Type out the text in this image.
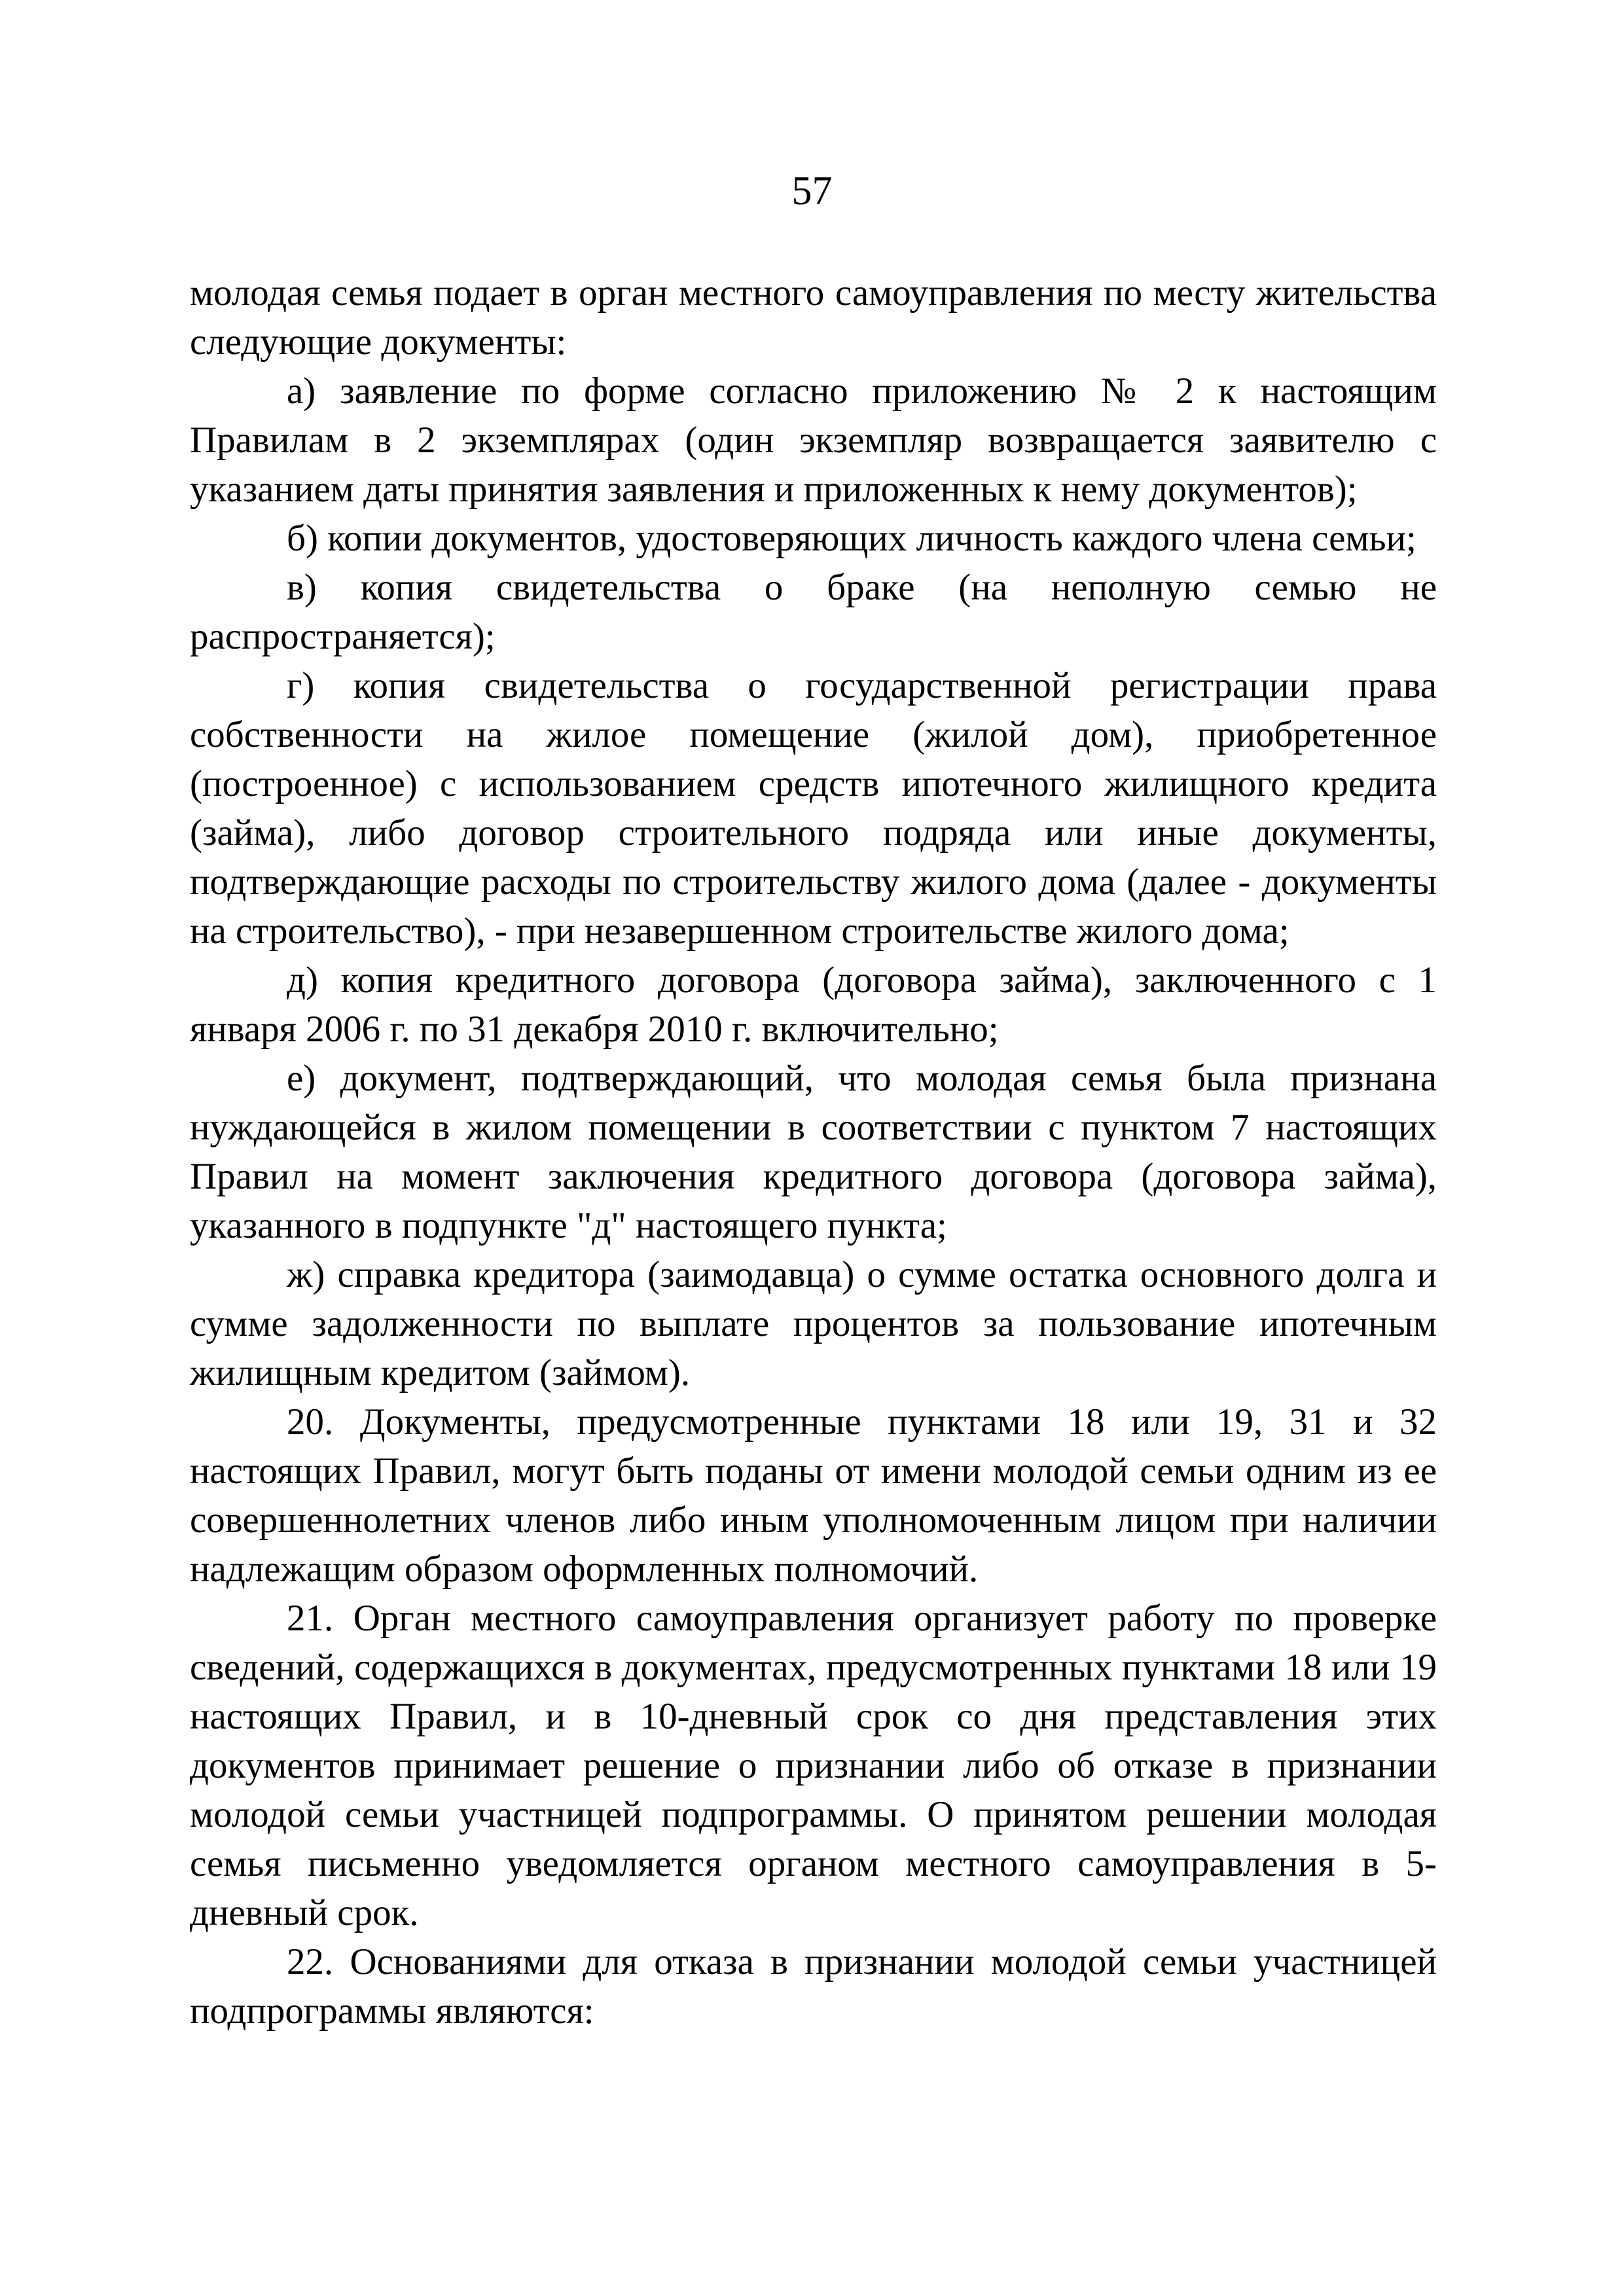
57

молодая семья подает в орган местного самоуправления по месту жительства следующие документы:

а) заявление по форме согласно приложению № 2 к настоящим Правилам в 2 экземплярах (один экземпляр возвращается заявителю с указанием даты принятия заявления и приложенных к нему документов);

б) копии документов, удостоверяющих личность каждого члена семьи;

в) копия свидетельства о браке (на неполную семью не распространяется);

г) копия свидетельства о государственной регистрации права собственности на жилое помещение (жилой дом), приобретенное (построенное) с использованием средств ипотечного жилищного кредита (займа), либо договор строительного подряда или иные документы, подтверждающие расходы по строительству жилого дома (далее - документы на строительство), - при незавершенном строительстве жилого дома;

д) копия кредитного договора (договора займа), заключенного с 1 января 2006 г. по 31 декабря 2010 г. включительно;

е) документ, подтверждающий, что молодая семья была признана нуждающейся в жилом помещении в соответствии с пунктом 7 настоящих Правил на момент заключения кредитного договора (договора займа), указанного в подпункте "д" настоящего пункта;

ж) справка кредитора (заимодавца) о сумме остатка основного долга и сумме задолженности по выплате процентов за пользование ипотечным жилищным кредитом (займом).

20. Документы, предусмотренные пунктами 18 или 19, 31 и 32 настоящих Правил, могут быть поданы от имени молодой семьи одним из ее совершеннолетних членов либо иным уполномоченным лицом при наличии надлежащим образом оформленных полномочий.

21. Орган местного самоуправления организует работу по проверке сведений, содержащихся в документах, предусмотренных пунктами 18 или 19 настоящих Правил, и в 10-дневный срок со дня представления этих документов принимает решение о признании либо об отказе в признании молодой семьи участницей подпрограммы. О принятом решении молодая семья письменно уведомляется органом местного самоуправления в 5-дневный срок.

22. Основаниями для отказа в признании молодой семьи участницей подпрограммы являются:
